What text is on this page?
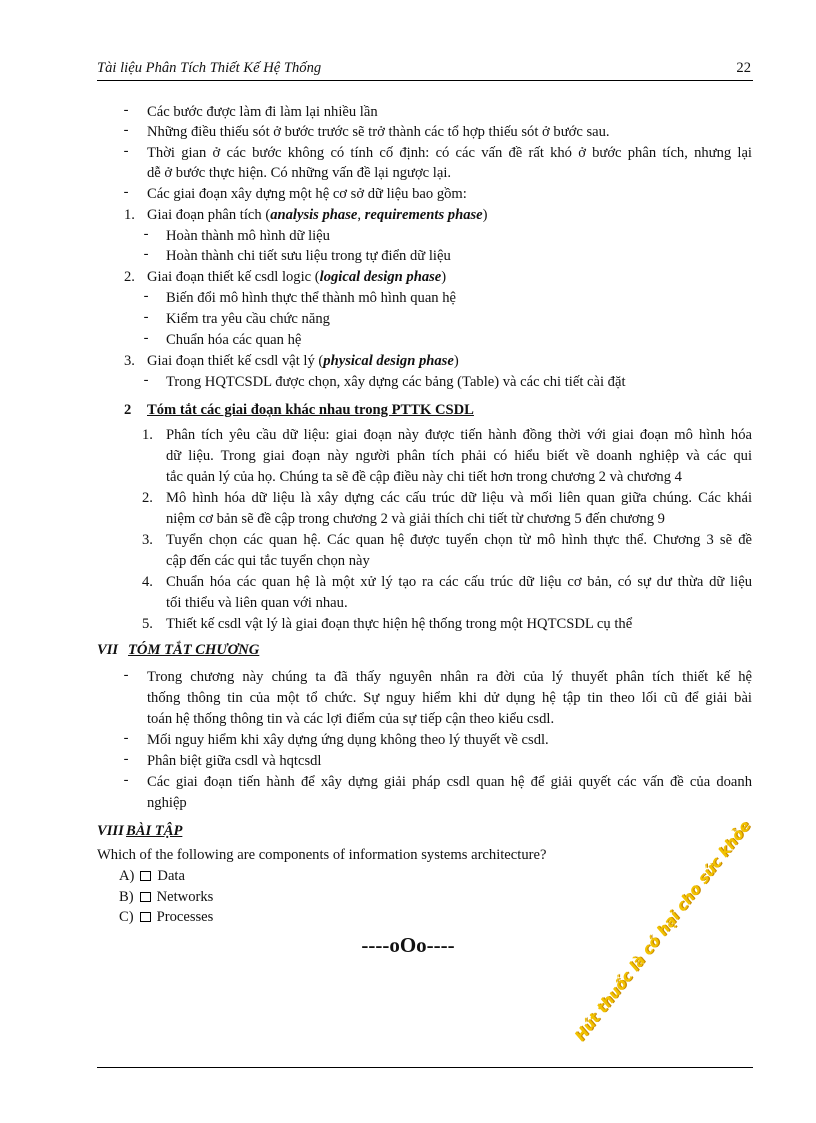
Tài liệu Phân Tích Thiết Kế Hệ Thống	22
- Các bước được làm đi làm lại nhiều lần
- Những điều thiếu sót ở bước trước sẽ trở thành các tổ hợp thiếu sót ở bước sau.
- Thời gian ở các bước không có tính cố định: có các vấn đề rất khó ở bước phân tích, nhưng lại
dễ ở bước thực hiện. Có những vấn đề lại ngược lại.
- Các giai đoạn xây dựng một hệ cơ sở dữ liệu bao gồm:
1. Giai đoạn phân tích (analysis phase, requirements phase)
- Hoàn thành mô hình dữ liệu
- Hoàn thành chi tiết sưu liệu trong tự điển dữ liệu
2. Giai đoạn thiết kế csdl logic (logical design phase)
- Biến đổi mô hình thực thể thành mô hình quan hệ
- Kiểm tra yêu cầu chức năng
- Chuẩn hóa các quan hệ
3. Giai đoạn thiết kế csdl vật lý (physical design phase)
- Trong HQTCSDL được chọn, xây dựng các bảng (Table) và các chi tiết cài đặt
2 Tóm tắt các giai đoạn khác nhau trong PTTK CSDL
1. Phân tích yêu cầu dữ liệu: giai đoạn này được tiến hành đồng thời với giai đoạn mô hình hóa
dữ liệu. Trong giai đoạn này người phân tích phải có hiểu biết về doanh nghiệp và các qui
tắc quản lý của họ. Chúng ta sẽ đề cập điều này chi tiết hơn trong chương 2 và chương 4
2. Mô hình hóa dữ liệu là xây dựng các cấu trúc dữ liệu và mối liên quan giữa chúng. Các khái
niệm cơ bản sẽ đề cập trong chương 2 và giải thích chi tiết từ chương 5 đến chương 9
3. Tuyển chọn các quan hệ. Các quan hệ được tuyển chọn từ mô hình thực thể. Chương 3 sẽ đề
cập đến các qui tắc tuyển chọn này
4. Chuẩn hóa các quan hệ là một xử lý tạo ra các cấu trúc dữ liệu cơ bản, có sự dư thừa dữ liệu
tối thiểu và liên quan với nhau.
5. Thiết kế csdl vật lý là giai đoạn thực hiện hệ thống trong một HQTCSDL cụ thể
VII TÓM TẮT CHƯƠNG
- Trong chương này chúng ta đã thấy nguyên nhân ra đời của lý thuyết phân tích thiết kế hệ
thống thông tin của một tổ chức. Sự nguy hiểm khi dử dụng hệ tập tin theo lối cũ để giải bài
toán hệ thống thông tin và các lợi điểm của sự tiếp cận theo kiểu csdl.
- Mối nguy hiểm khi xây dựng ứng dụng không theo lý thuyết về csdl.
- Phân biệt giữa csdl và hqtcsdl
- Các giai đoạn tiến hành để xây dựng giải pháp csdl quan hệ để giải quyết các vấn đề của doanh
nghiệp
VIII BÀI TẬP
Which of the following are components of information systems architecture?
A) Data
B) Networks
C) Processes
----oOo----	Hút thuốc là có hại cho sức khỏe
